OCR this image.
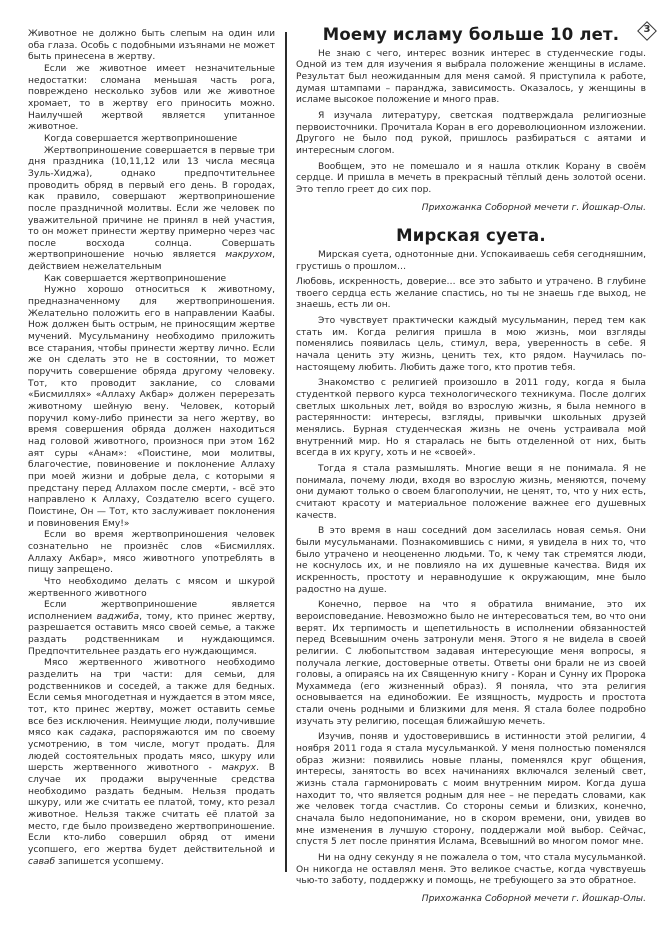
3

Животное не должно быть слепым на один или оба глаза. Особь с подобными изъянами не может быть принесена в жертву.

Если же животное имеет незначительные недостатки: сломана меньшая часть рога, повреждено несколько зубов или же животное хромает, то в жертву его приносить можно. Наилучшей жертвой является упитанное животное.

Когда совершается жертвоприношение

Жертвоприношение совершается в первые три дня праздника (10,11,12 или 13 числа месяца Зуль-Хиджа), однако предпочтительнее проводить обряд в первый его день. В городах, как правило, совершают жертвоприношение после праздничной молитвы. Если же человек по уважительной причине не принял в ней участия, то он может принести жертву примерно через час после восхода солнца. Совершать жертвоприношение ночью является макрухом, действием нежелательным

Как совершается жертвоприношение

Нужно хорошо относиться к животному, предназначенному для жертвоприношения. Желательно положить его в направлении Каабы. Нож должен быть острым, не приносящим жертве мучений. Мусульманину необходимо приложить все старания, чтобы принести жертву лично. Если же он сделать это не в состоянии, то может поручить совершение обряда другому человеку. Тот, кто проводит заклание, со словами «Бисмиллях» «Аллаху Акбар» должен перерезать животному шейную вену. Человек, который поручил кому-либо принести за него жертву, во время совершения обряда должен находиться над головой животного, произнося при этом 162 аят суры «Анам»: «Поистине, мои молитвы, благочестие, повиновение и поклонение Аллаху при моей жизни и добрые дела, с которыми я предстану перед Аллахом после смерти, - всё это направлено к Аллаху, Создателю всего сущего. Поистине, Он — Тот, кто заслуживает поклонения и повиновения Ему!»

Если во время жертвоприношения человек сознательно не произнёс слов «Бисмиллях. Аллаху Акбар», мясо животного употреблять в пищу запрещено.

Что необходимо делать с мясом и шкурой жертвенного животного

Если жертвоприношение является исполнением ваджиба, тому, кто принес жертву, разрешается оставить мясо своей семье, а также раздать родственникам и нуждающимся. Предпочтительнее раздать его нуждающимся.

Мясо жертвенного животного необходимо разделить на три части: для семьи, для родственников и соседей, а также для бедных. Если семья многодетная и нуждается в этом мясе, тот, кто принес жертву, может оставить семье все без исключения. Неимущие люди, получившие мясо как садака, распоряжаются им по своему усмотрению, в том числе, могут продать. Для людей состоятельных продать мясо, шкуру или шерсть жертвенного животного - макрух. В случае их продажи вырученные средства необходимо раздать бедным. Нельзя продать шкуру, или же считать ее платой, тому, кто резал животное. Нельзя также считать её платой за место, где было произведено жертвоприношение. Если кто-либо совершил обряд от имени усопшего, его жертва будет действительной и саваб запишется усопшему.

Моему исламу больше 10 лет.

Не знаю с чего, интерес возник интерес в студенческие годы. Одной из тем для изучения я выбрала положение женщины в исламе. Результат был неожиданным для меня самой. Я приступила к работе, думая штампами – паранджа, зависимость. Оказалось, у женщины в исламе высокое положение и много прав.

Я изучала литературу, светская подтверждала религиозные первоисточники. Прочитала Коран в его дореволюционном изложении. Другого не было под рукой, пришлось разбираться с аятами и интересным слогом.

Вообщем, это не помешало и я нашла отклик Корану в своём сердце. И пришла в мечеть в прекрасный тёплый день золотой осени. Это тепло греет до сих пор.

Прихожанка Соборной мечети г. Йошкар-Олы.
Мирская суета.

Мирская суета, однотонные дни. Успокаиваешь себя сегодняшним, грустишь о прошлом…

Любовь, искренность, доверие… все это забыто и утрачено. В глубине твоего сердца есть желание спастись, но ты не знаешь где выход, не знаешь, есть ли он.

Это чувствует практически каждый мусульманин, перед тем как стать им. Когда религия пришла в мою жизнь, мои взгляды поменялись появилась цель, стимул, вера, уверенность в себе. Я начала ценить эту жизнь, ценить тех, кто рядом. Научилась по-настоящему любить. Любить даже того, кто против тебя.

Знакомство с религией произошло в 2011 году, когда я была студенткой первого курса технологического техникума. После долгих светлых школьных лет, войдя во взрослую жизнь, я была немного в растерянности: интересы, взгляды, привычки школьных друзей менялись. Бурная студенческая жизнь не очень устраивала мой внутренний мир. Но я старалась не быть отделенной от них, быть всегда в их кругу, хоть и не «своей».

Тогда я стала размышлять. Многие вещи я не понимала. Я не понимала, почему люди, входя во взрослую жизнь, меняются, почему они думают только о своем благополучии, не ценят, то, что у них есть, считают красоту и материальное положение важнее его душевных качеств.

В это время в наш соседний дом заселилась новая семья. Они были мусульманами. Познакомившись с ними, я увидела в них то, что было утрачено и неоцененно людьми. То, к чему так стремятся люди, не коснулось их, и не повлияло на их душевные качества. Видя их искренность, простоту и неравнодушие к окружающим, мне было радостно на душе.

Конечно, первое на что я обратила внимание, это их вероисповедание. Невозможно было не интересоваться тем, во что они верят. Их терпимость и щепетильность в исполнении обязанностей перед Всевышним очень затронули меня. Этого я не видела в своей религии. С любопытством задавая интересующие меня вопросы, я получала легкие, достоверные ответы. Ответы они брали не из своей головы, а опираясь на их Священную книгу - Коран и Сунну их Пророка Мухаммеда (его жизненный образ). Я поняла, что эта религия основывается на единобожии. Ее изящность, мудрость и простота стали очень родными и близкими для меня. Я стала более подробно изучать эту религию, посещая ближайшую мечеть.

Изучив, поняв и удостоверившись в истинности этой религии, 4 ноября 2011 года я стала мусульманкой. У меня полностью поменялся образ жизни: появились новые планы, поменялся круг общения, интересы, занятость во всех начинаниях включался зеленый свет, жизнь стала гармонировать с моим внутренним миром. Когда душа находит то, что является родным для нее – не передать словами, как же человек тогда счастлив. Со стороны семьи и близких, конечно, сначала было недопонимание, но в скором времени, они, увидев во мне изменения в лучшую сторону, поддержали мой выбор. Сейчас, спустя 5 лет после принятия Ислама, Всевышний во многом помог мне.

Ни на одну секунду я не пожалела о том, что стала мусульманкой. Он никогда не оставлял меня. Это великое счастье, когда чувствуешь чью-то заботу, поддержку и помощь, не требующего за это обратное.

Прихожанка Соборной мечети г. Йошкар-Олы.
